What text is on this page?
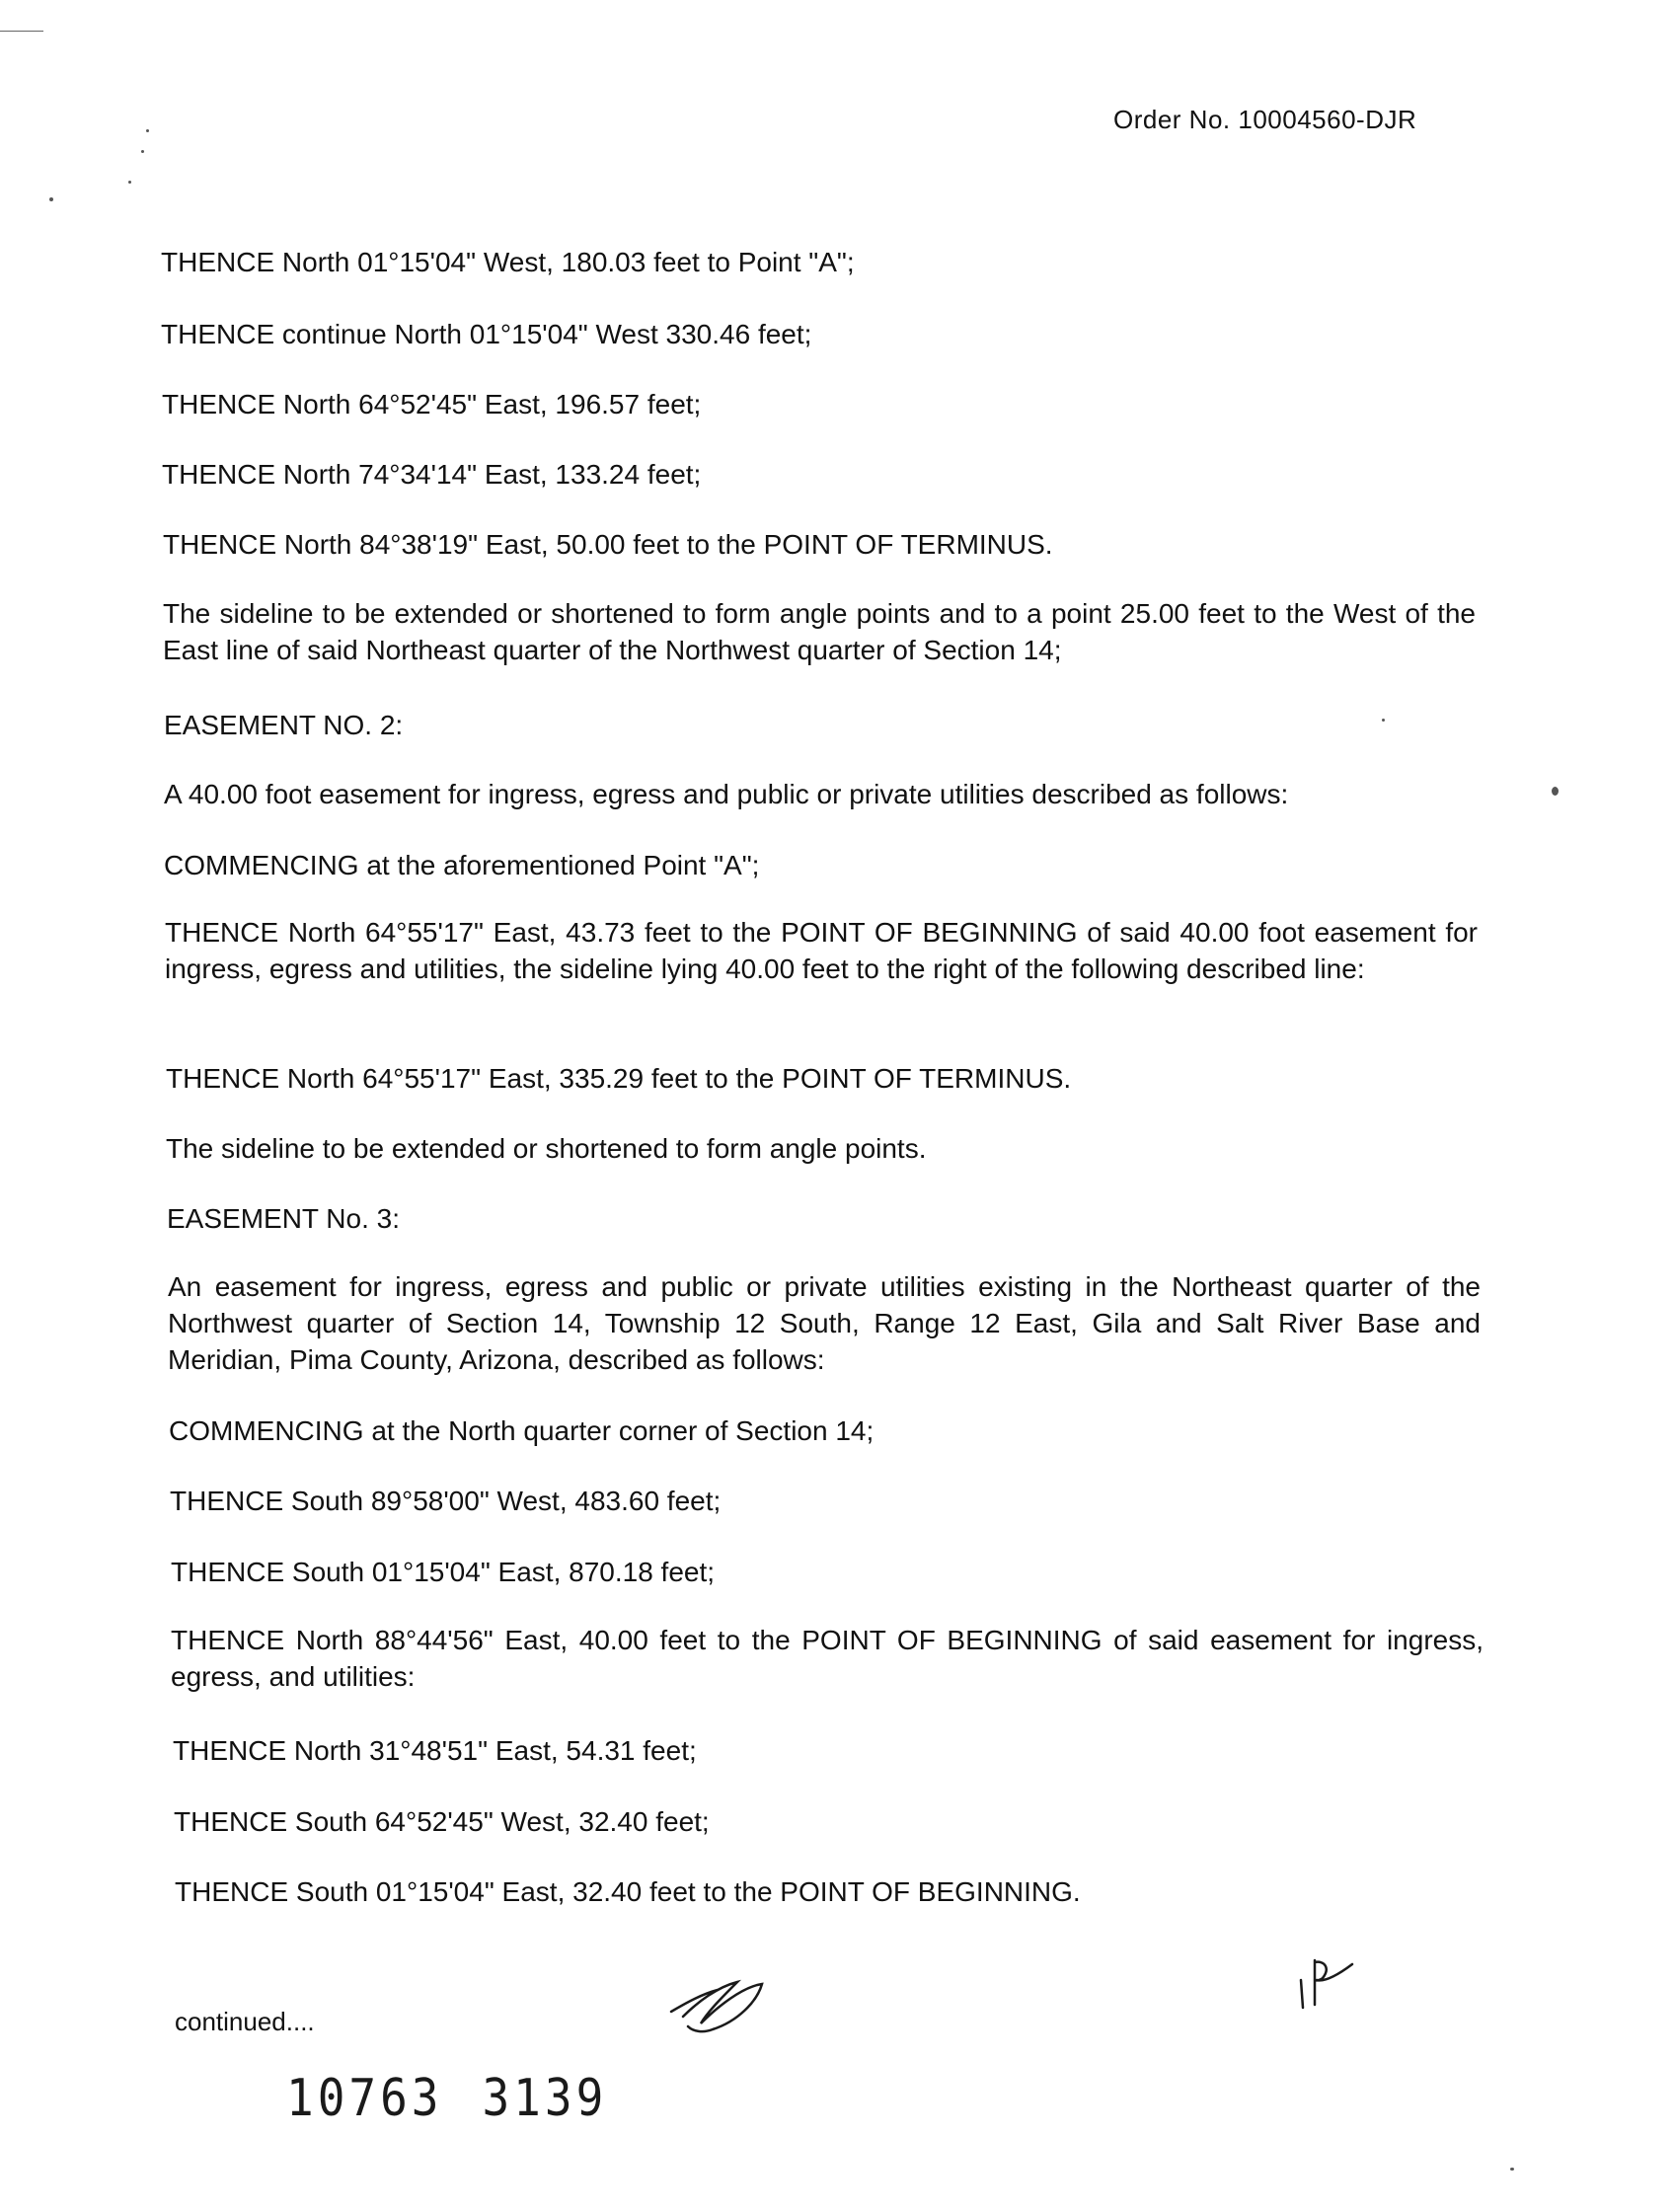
Order No. 10004560-DJR
THENCE North 01°15'04" West, 180.03 feet to Point "A";
THENCE continue North 01°15'04" West 330.46 feet;
THENCE North 64°52'45" East, 196.57 feet;
THENCE North 74°34'14" East, 133.24 feet;
THENCE North 84°38'19" East, 50.00 feet to the POINT OF TERMINUS.
The sideline to be extended or shortened to form angle points and to a point 25.00 feet to the West of the East line of said Northeast quarter of the Northwest quarter of Section 14;
EASEMENT NO. 2:
A 40.00 foot easement for ingress, egress and public or private utilities described as follows:
COMMENCING at the aforementioned Point "A";
THENCE North 64°55'17" East, 43.73 feet to the POINT OF BEGINNING of said 40.00 foot easement for ingress, egress and utilities, the sideline lying 40.00 feet to the right of the following described line:
THENCE North 64°55'17" East, 335.29 feet to the POINT OF TERMINUS.
The sideline to be extended or shortened to form angle points.
EASEMENT No. 3:
An easement for ingress, egress and public or private utilities existing in the Northeast quarter of the Northwest quarter of Section 14, Township 12 South, Range 12 East, Gila and Salt River Base and Meridian, Pima County, Arizona, described as follows:
COMMENCING at the North quarter corner of Section 14;
THENCE South 89°58'00" West, 483.60 feet;
THENCE South 01°15'04" East, 870.18 feet;
THENCE North 88°44'56" East, 40.00 feet to the POINT OF BEGINNING of said easement for ingress, egress, and utilities:
THENCE North 31°48'51" East, 54.31 feet;
THENCE South 64°52'45" West, 32.40 feet;
THENCE South 01°15'04" East, 32.40 feet to the POINT OF BEGINNING.
continued....
10763 3139
